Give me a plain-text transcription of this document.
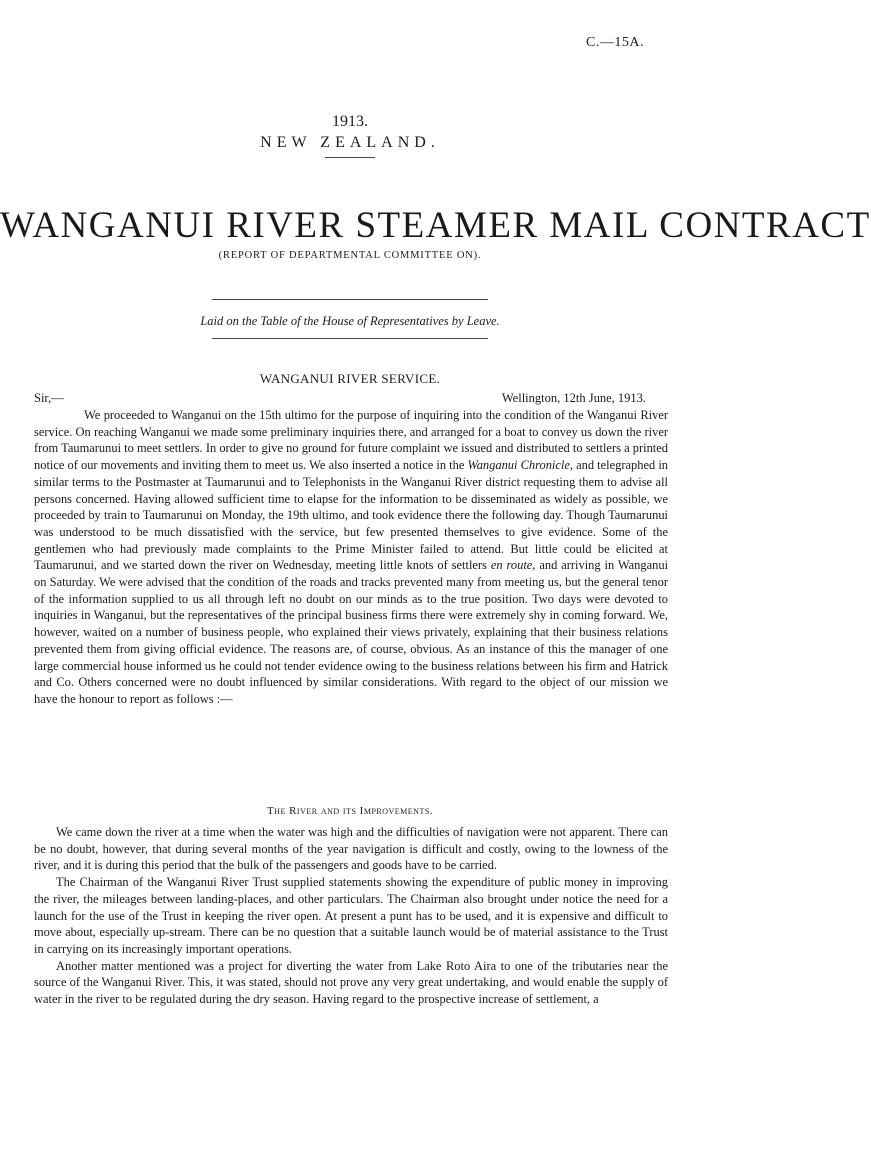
C.—15A.
1913.
NEW ZEALAND.
WANGANUI RIVER STEAMER MAIL CONTRACT
(REPORT OF DEPARTMENTAL COMMITTEE ON).
Laid on the Table of the House of Representatives by Leave.
WANGANUI RIVER SERVICE.
Sir,—	Wellington, 12th June, 1913.

We proceeded to Wanganui on the 15th ultimo for the purpose of inquiring into the condition of the Wanganui River service. On reaching Wanganui we made some preliminary inquiries there, and arranged for a boat to convey us down the river from Taumarunui to meet settlers. In order to give no ground for future complaint we issued and distributed to settlers a printed notice of our movements and inviting them to meet us. We also inserted a notice in the Wanganui Chronicle, and telegraphed in similar terms to the Postmaster at Taumarunui and to Telephonists in the Wanganui River district requesting them to advise all persons concerned. Having allowed sufficient time to elapse for the information to be disseminated as widely as possible, we proceeded by train to Taumarunui on Monday, the 19th ultimo, and took evidence there the following day. Though Taumarunui was understood to be much dissatisfied with the service, but few presented themselves to give evidence. Some of the gentlemen who had previously made complaints to the Prime Minister failed to attend. But little could be elicited at Taumarunui, and we started down the river on Wednesday, meeting little knots of settlers en route, and arriving in Wanganui on Saturday. We were advised that the condition of the roads and tracks prevented many from meeting us, but the general tenor of the information supplied to us all through left no doubt on our minds as to the true position. Two days were devoted to inquiries in Wanganui, but the representatives of the principal business firms there were extremely shy in coming forward. We, however, waited on a number of business people, who explained their views privately, explaining that their business relations prevented them from giving official evidence. The reasons are, of course, obvious. As an instance of this the manager of one large commercial house informed us he could not tender evidence owing to the business relations between his firm and Hatrick and Co. Others concerned were no doubt influenced by similar considerations. With regard to the object of our mission we have the honour to report as follows :—

The River and its Improvements.

We came down the river at a time when the water was high and the difficulties of navigation were not apparent. There can be no doubt, however, that during several months of the year navigation is difficult and costly, owing to the lowness of the river, and it is during this period that the bulk of the passengers and goods have to be carried.

The Chairman of the Wanganui River Trust supplied statements showing the expenditure of public money in improving the river, the mileages between landing-places, and other particulars. The Chairman also brought under notice the need for a launch for the use of the Trust in keeping the river open. At present a punt has to be used, and it is expensive and difficult to move about, especially up-stream. There can be no question that a suitable launch would be of material assistance to the Trust in carrying on its increasingly important operations.

Another matter mentioned was a project for diverting the water from Lake Roto Aira to one of the tributaries near the source of the Wanganui River. This, it was stated, should not prove any very great undertaking, and would enable the supply of water in the river to be regulated during the dry season. Having regard to the prospective increase of settlement, a
